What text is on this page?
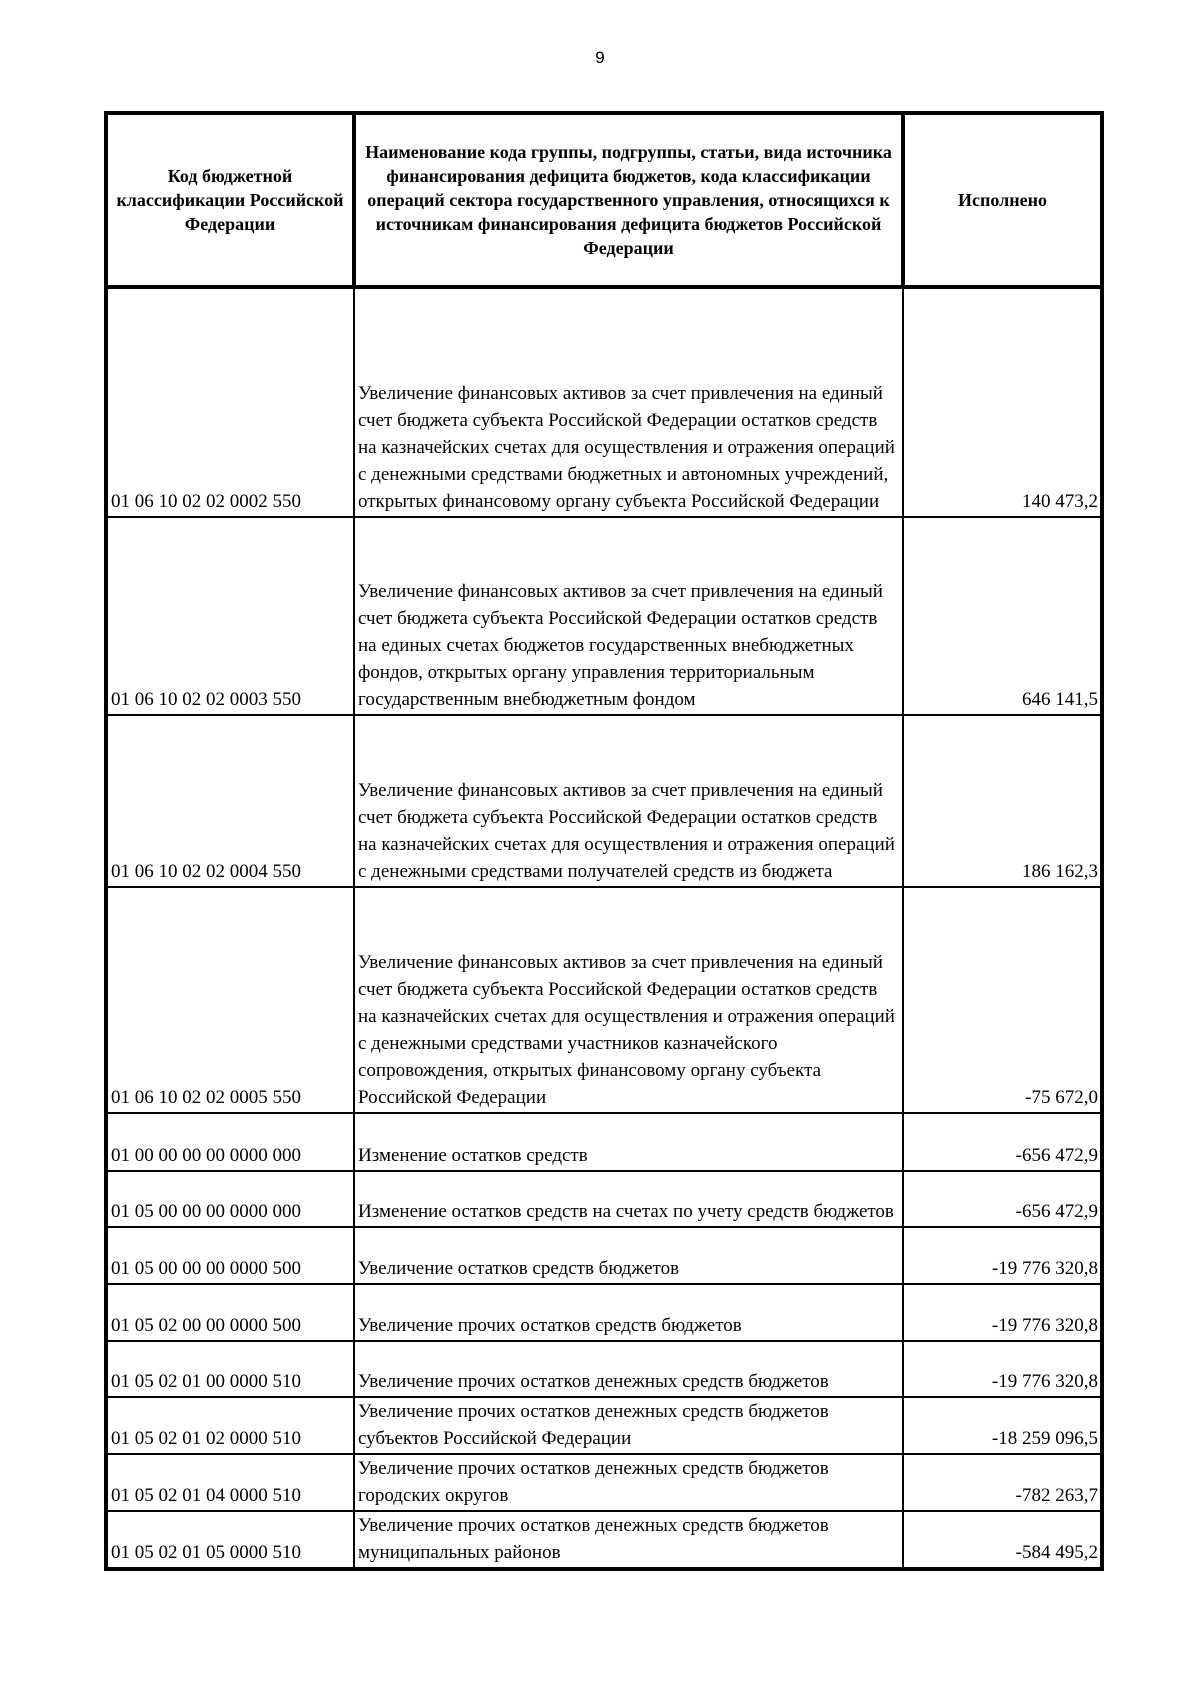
9
Код бюджетной классификации Российской Федерации	Наименование кода группы, подгруппы, статьи, вида источника финансирования дефицита бюджетов, кода классификации операций сектора государственного управления, относящихся к источникам финансирования дефицита бюджетов Российской Федерации	Исполнено
01 06 10 02 02 0002 550	Увеличение финансовых активов за счет привлечения на единый счет бюджета субъекта Российской Федерации остатков средств на казначейских счетах для осуществления и отражения операций с денежными средствами бюджетных и автономных учреждений, открытых финансовому органу субъекта Российской Федерации	140 473,2
01 06 10 02 02 0003 550	Увеличение финансовых активов за счет привлечения на единый счет бюджета субъекта Российской Федерации остатков средств на единых счетах бюджетов государственных внебюджетных фондов, открытых органу управления территориальным государственным внебюджетным фондом	646 141,5
01 06 10 02 02 0004 550	Увеличение финансовых активов за счет привлечения на единый счет бюджета субъекта Российской Федерации остатков средств на казначейских счетах для осуществления и отражения операций с денежными средствами получателей средств из бюджета	186 162,3
01 06 10 02 02 0005 550	Увеличение финансовых активов за счет привлечения на единый счет бюджета субъекта Российской Федерации остатков средств на казначейских счетах для осуществления и отражения операций с денежными средствами участников казначейского сопровождения, открытых финансовому органу субъекта Российской Федерации	-75 672,0
01 00 00 00 00 0000 000	Изменение остатков средств	-656 472,9
01 05 00 00 00 0000 000	Изменение остатков средств на счетах по учету средств бюджетов	-656 472,9
01 05 00 00 00 0000 500	Увеличение остатков средств бюджетов	-19 776 320,8
01 05 02 00 00 0000 500	Увеличение прочих остатков средств бюджетов	-19 776 320,8
01 05 02 01 00 0000 510	Увеличение прочих остатков денежных средств бюджетов	-19 776 320,8
01 05 02 01 02 0000 510	Увеличение прочих остатков денежных средств бюджетов субъектов Российской Федерации	-18 259 096,5
01 05 02 01 04 0000 510	Увеличение прочих остатков денежных средств бюджетов городских округов	-782 263,7
01 05 02 01 05 0000 510	Увеличение прочих остатков денежных средств бюджетов муниципальных районов	-584 495,2
